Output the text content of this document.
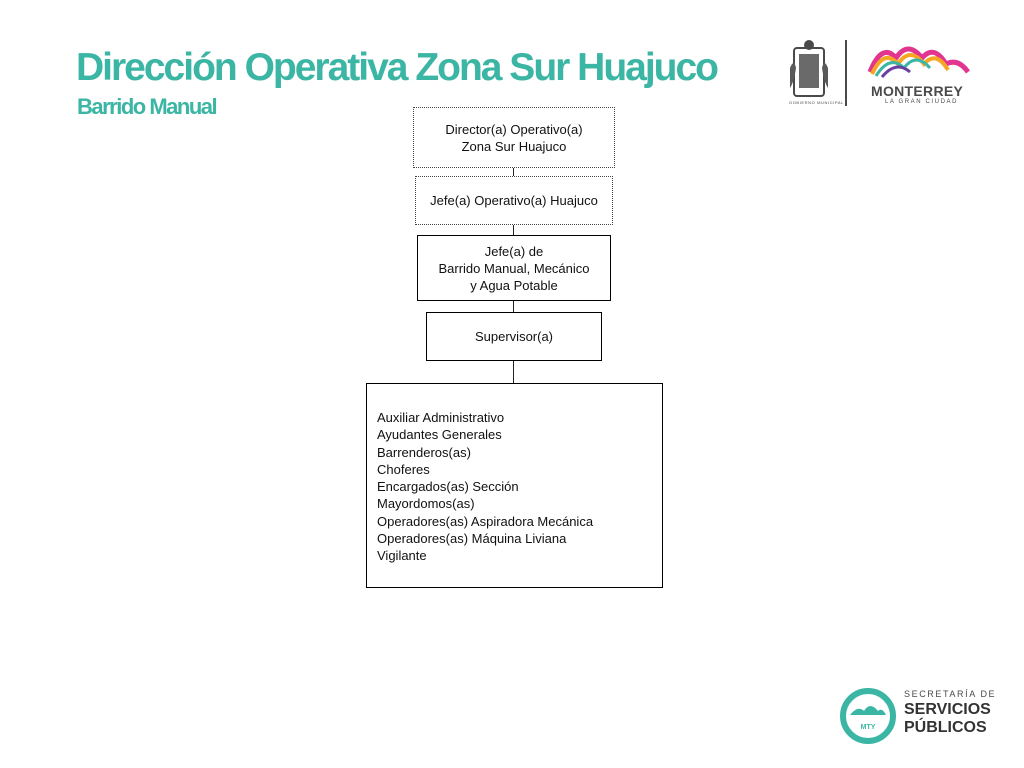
Dirección Operativa Zona Sur Huajuco
Barrido Manual	GOBIERNO MUNICIPAL
MONTERREY
LA GRAN CIUDAD
Director(a) Operativo(a)
Zona Sur Huajuco
Jefe(a) Operativo(a) Huajuco
Jefe(a) de
Barrido Manual, Mecánico
y Agua Potable
Supervisor(a)
Auxiliar Administrativo
Ayudantes Generales
Barrenderos(as)
Choferes
Encargados(as) Sección
Mayordomos(as)
Operadores(as) Aspiradora Mecánica
Operadores(as) Máquina Liviana
Vigilante
MTY
SECRETARÍA DE
SERVICIOS
PÚBLICOS
